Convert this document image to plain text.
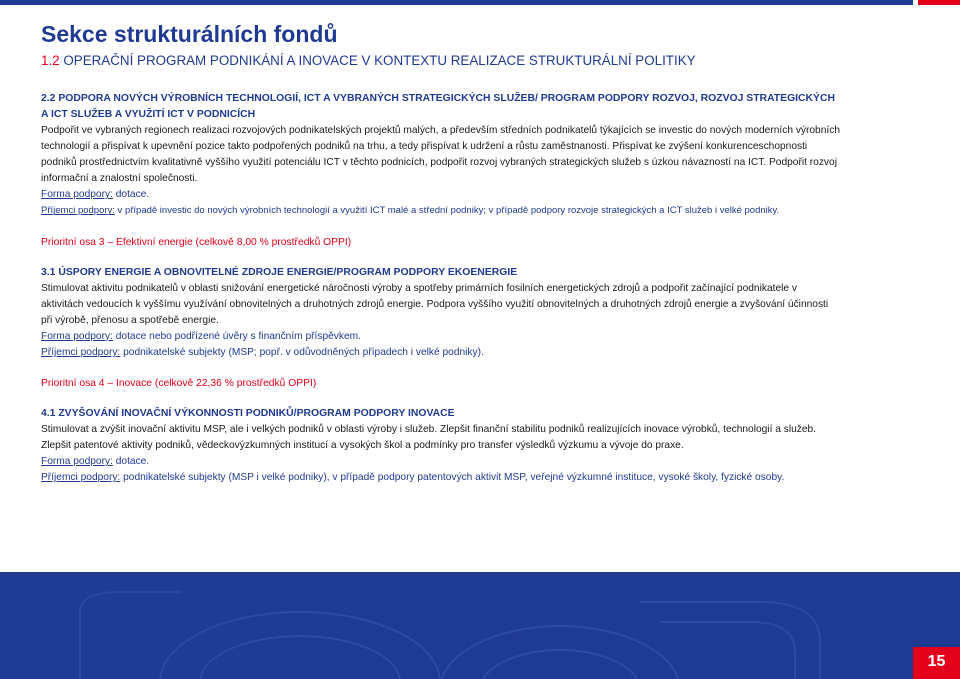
Sekce strukturálních fondů
1.2 OPERAČNÍ PROGRAM PODNIKÁNÍ A INOVACE V KONTEXTU REALIZACE STRUKTURÁLNÍ POLITIKY
2.2 PODPORA NOVÝCH VÝROBNÍCH TECHNOLOGIÍ, ICT A VYBRANÝCH STRATEGICKÝCH SLUŽEB/ PROGRAM PODPORY ROZVOJ, ROZVOJ STRATEGICKÝCH A ICT SLUŽEB A VYUŽITÍ ICT V PODNICÍCH

Podpořit ve vybraných regionech realizaci rozvojových podnikatelských projektů malých, a především středních podnikatelů týkajících se investic do nových moderních výrobních technologií a přispívat k upevnění pozice takto podpořených podniků na trhu, a tedy přispívat k udržení a růstu zaměstnanosti. Přispívat ke zvýšení konkurenceschopnosti podniků prostřednictvím kvalitativně vyššího využití potenciálu ICT v těchto podnicích, podpořit rozvoj vybraných strategických služeb s úzkou návazností na ICT. Podpořit rozvoj informační a znalostní společnosti.

Forma podpory: dotace.

Příjemci podpory: v případě investic do nových výrobních technologií a využití ICT malé a střední podniky; v případě podpory rozvoje strategických a ICT služeb i velké podniky.

Prioritní osa 3 – Efektivní energie (celkově 8,00 % prostředků OPPI)
3.1 ÚSPORY ENERGIE A OBNOVITELNÉ ZDROJE ENERGIE/PROGRAM PODPORY EKOENERGIE

Stimulovat aktivitu podnikatelů v oblasti snižování energetické náročnosti výroby a spotřeby primárních fosilních energetických zdrojů a podpořit začínající podnikatele v aktivitách vedoucích k vyššímu využívání obnovitelných a druhotných zdrojů energie. Podpora vyššího využití obnovitelných a druhotných zdrojů energie a zvyšování účinnosti při výrobě, přenosu a spotřebě energie.

Forma podpory: dotace nebo podřízené úvěry s finančním příspěvkem.

Příjemci podpory: podnikatelské subjekty (MSP; popř. v odůvodněných případech i velké podniky).

Prioritní osa 4 – Inovace (celkově 22,36 % prostředků OPPI)
4.1 ZVYŠOVÁNÍ INOVAČNÍ VÝKONNOSTI PODNIKŮ/PROGRAM PODPORY INOVACE

Stimulovat a zvýšit inovační aktivitu MSP, ale i velkých podniků v oblasti výroby i služeb. Zlepšit finanční stabilitu podniků realizujících inovace výrobků, technologií a služeb. Zlepšit patentové aktivity podniků, vědeckovýzkumných institucí a vysokých škol a podmínky pro transfer výsledků výzkumu a vývoje do praxe.

Forma podpory: dotace.

Příjemci podpory: podnikatelské subjekty (MSP i velké podniky), v případě podpory patentových aktivit MSP, veřejné výzkumné instituce, vysoké školy, fyzické osoby.

15
